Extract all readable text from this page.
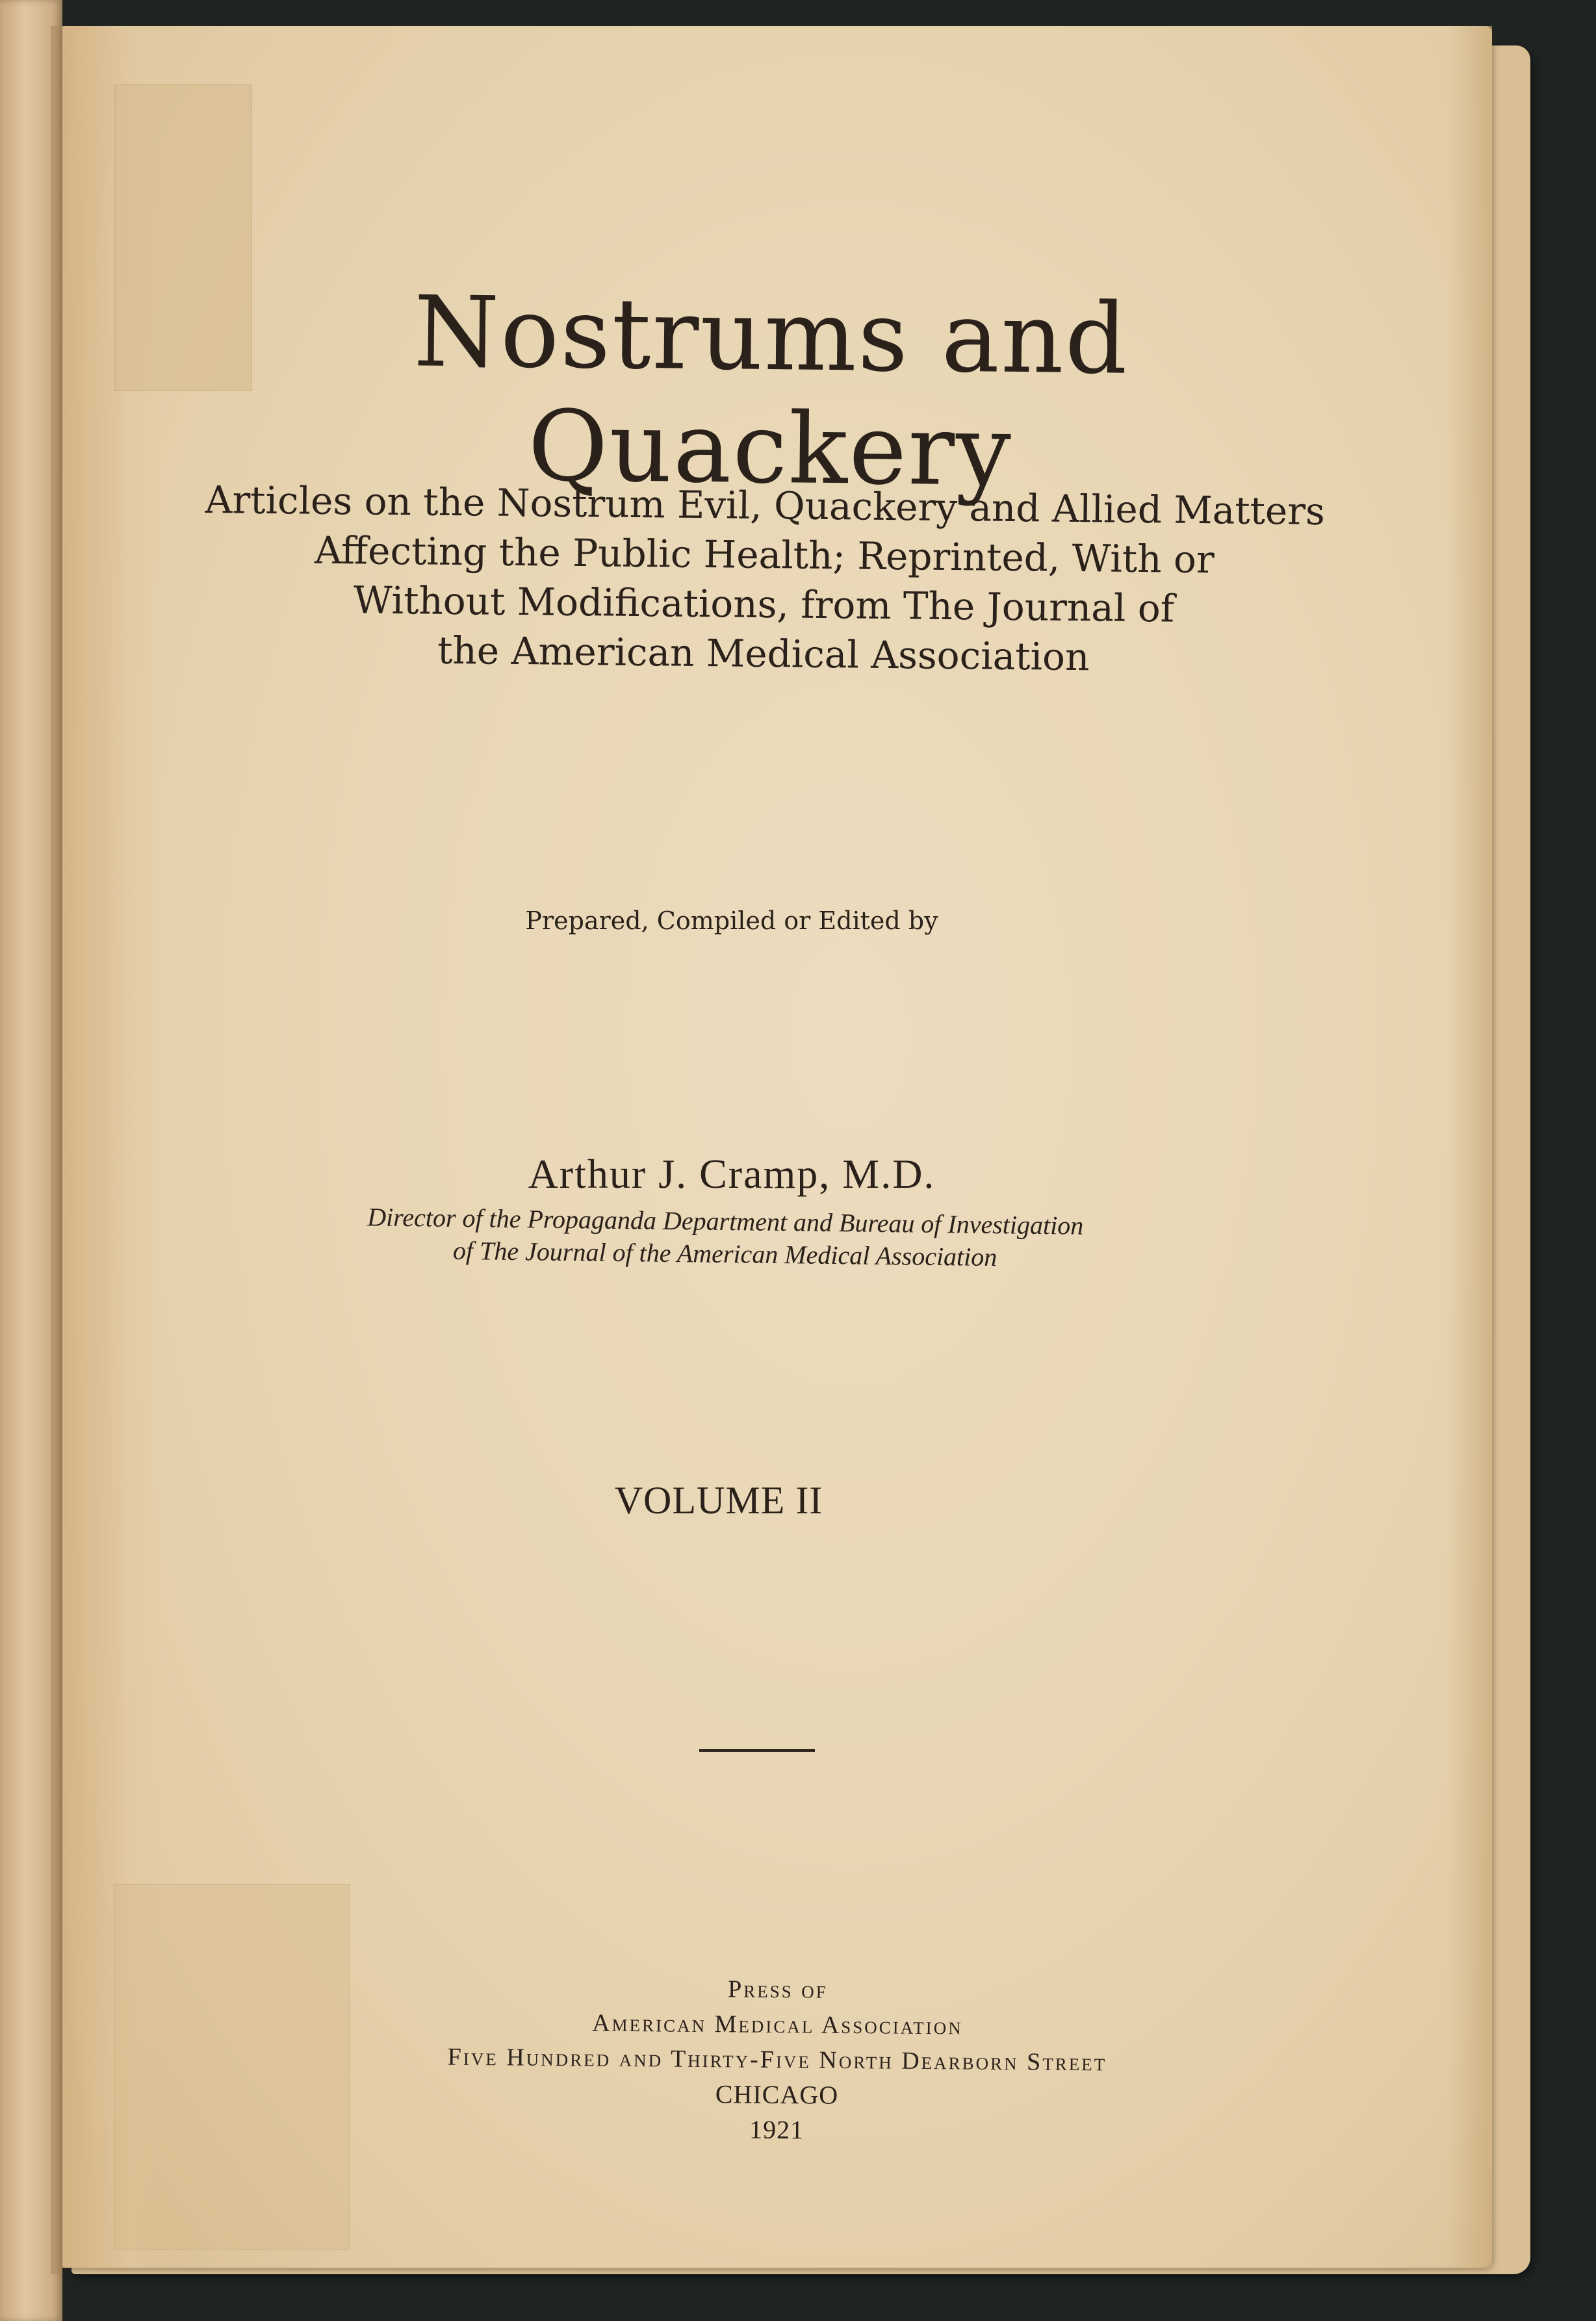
Nostrums and Quackery
Articles on the Nostrum Evil, Quackery and Allied Matters
Affecting the Public Health; Reprinted, With or
Without Modifications, from The Journal of
the American Medical Association
Prepared, Compiled or Edited by
Arthur J. Cramp, M.D.
Director of the Propaganda Department and Bureau of Investigation
of The Journal of the American Medical Association
VOLUME II
Press of
American Medical Association
Five Hundred and Thirty-Five North Dearborn Street
CHICAGO
1921
